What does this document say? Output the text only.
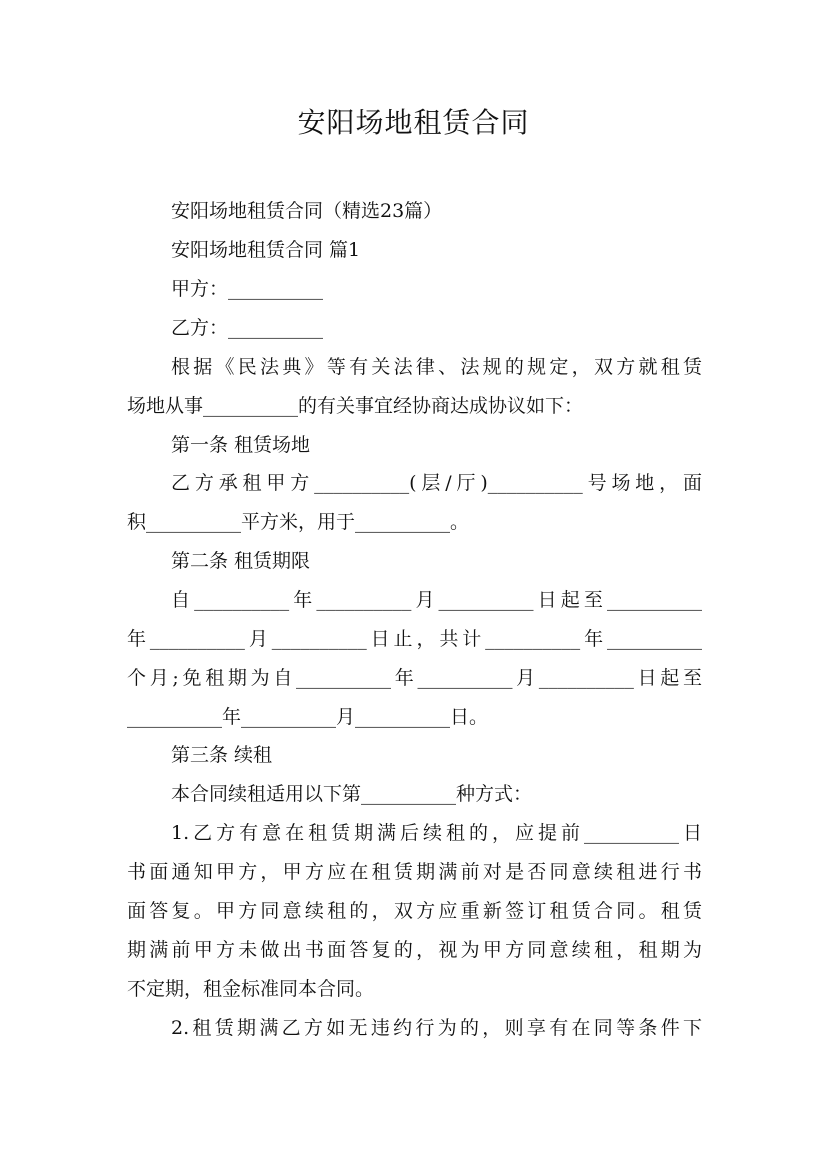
安阳场地租赁合同
安阳场地租赁合同（精选23篇）
安阳场地租赁合同 篇1
甲方：__________
乙方：__________
根据《民法典》等有关法律、法规的规定，双方就租赁
场地从事__________的有关事宜经协商达成协议如下：
第一条 租赁场地
乙方承租甲方__________(层/厅)__________号场地，面
积__________平方米，用于__________。
第二条 租赁期限
自__________年__________月__________日起至__________
年__________月__________日止，共计__________年__________
个月;免租期为自__________年__________月__________日起至
__________年__________月__________日。
第三条 续租
本合同续租适用以下第__________种方式：
1.乙方有意在租赁期满后续租的，应提前__________日
书面通知甲方，甲方应在租赁期满前对是否同意续租进行书
面答复。甲方同意续租的，双方应重新签订租赁合同。租赁
期满前甲方未做出书面答复的，视为甲方同意续租，租期为
不定期，租金标准同本合同。
2.租赁期满乙方如无违约行为的，则享有在同等条件下
